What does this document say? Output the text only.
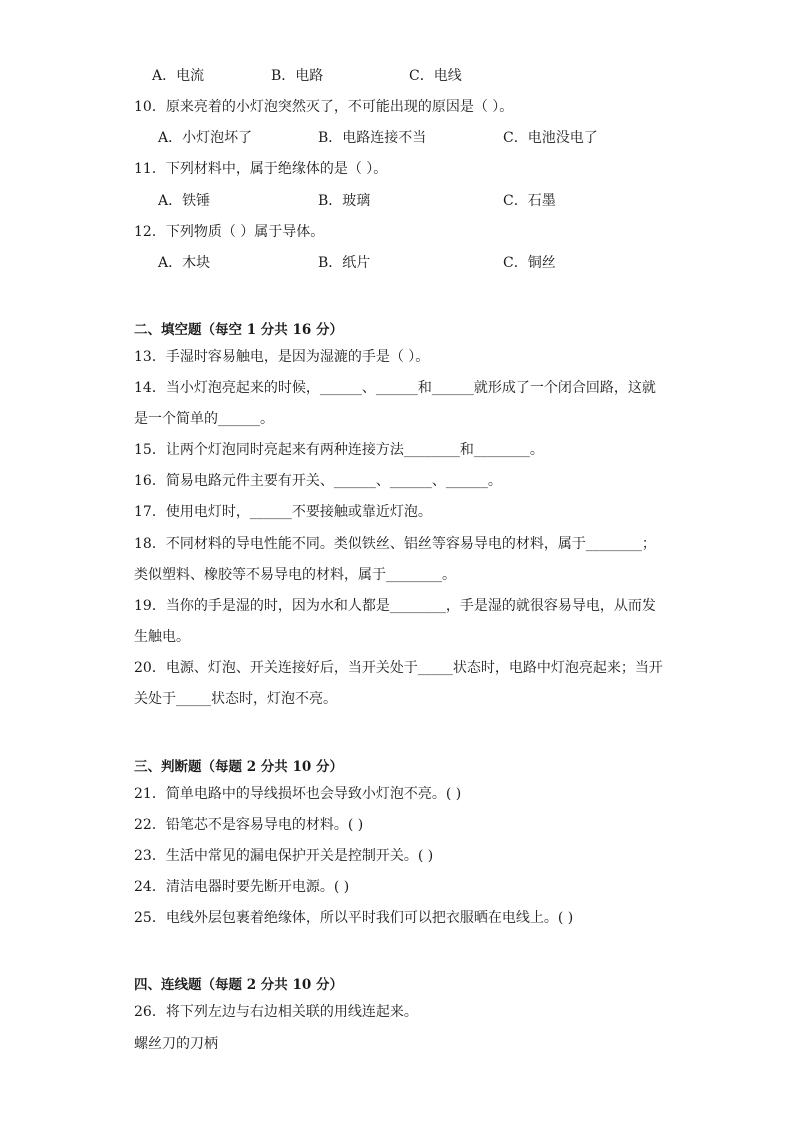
A．电流	B．电路	C．电线
10．原来亮着的小灯泡突然灭了，不可能出现的原因是（ ）。
A．小灯泡坏了	B．电路连接不当	C．电池没电了
11．下列材料中，属于绝缘体的是（ ）。
A．铁锤	B．玻璃	C．石墨
12．下列物质（ ）属于导体。
A．木块	B．纸片	C．铜丝
二、填空题（每空 1 分共 16 分）
13．手湿时容易触电，是因为湿漉的手是（ ）。
14．当小灯泡亮起来的时候，______、______和______就形成了一个闭合回路，这就
是一个简单的______。
15．让两个灯泡同时亮起来有两种连接方法________和________。
16．简易电路元件主要有开关、______、______、______。
17．使用电灯时，______不要接触或靠近灯泡。
18．不同材料的导电性能不同。类似铁丝、铝丝等容易导电的材料，属于________；
类似塑料、橡胶等不易导电的材料，属于________。
19．当你的手是湿的时，因为水和人都是________，手是湿的就很容易导电，从而发
生触电。
20．电源、灯泡、开关连接好后，当开关处于_____状态时，电路中灯泡亮起来；当开
关处于_____状态时，灯泡不亮。
三、判断题（每题 2 分共 10 分）
21．简单电路中的导线损坏也会导致小灯泡不亮。( )
22．铅笔芯不是容易导电的材料。( )
23．生活中常见的漏电保护开关是控制开关。( )
24．清洁电器时要先断开电源。( )
25．电线外层包裹着绝缘体，所以平时我们可以把衣服晒在电线上。( )
四、连线题（每题 2 分共 10 分）
26．将下列左边与右边相关联的用线连起来。
螺丝刀的刀柄
